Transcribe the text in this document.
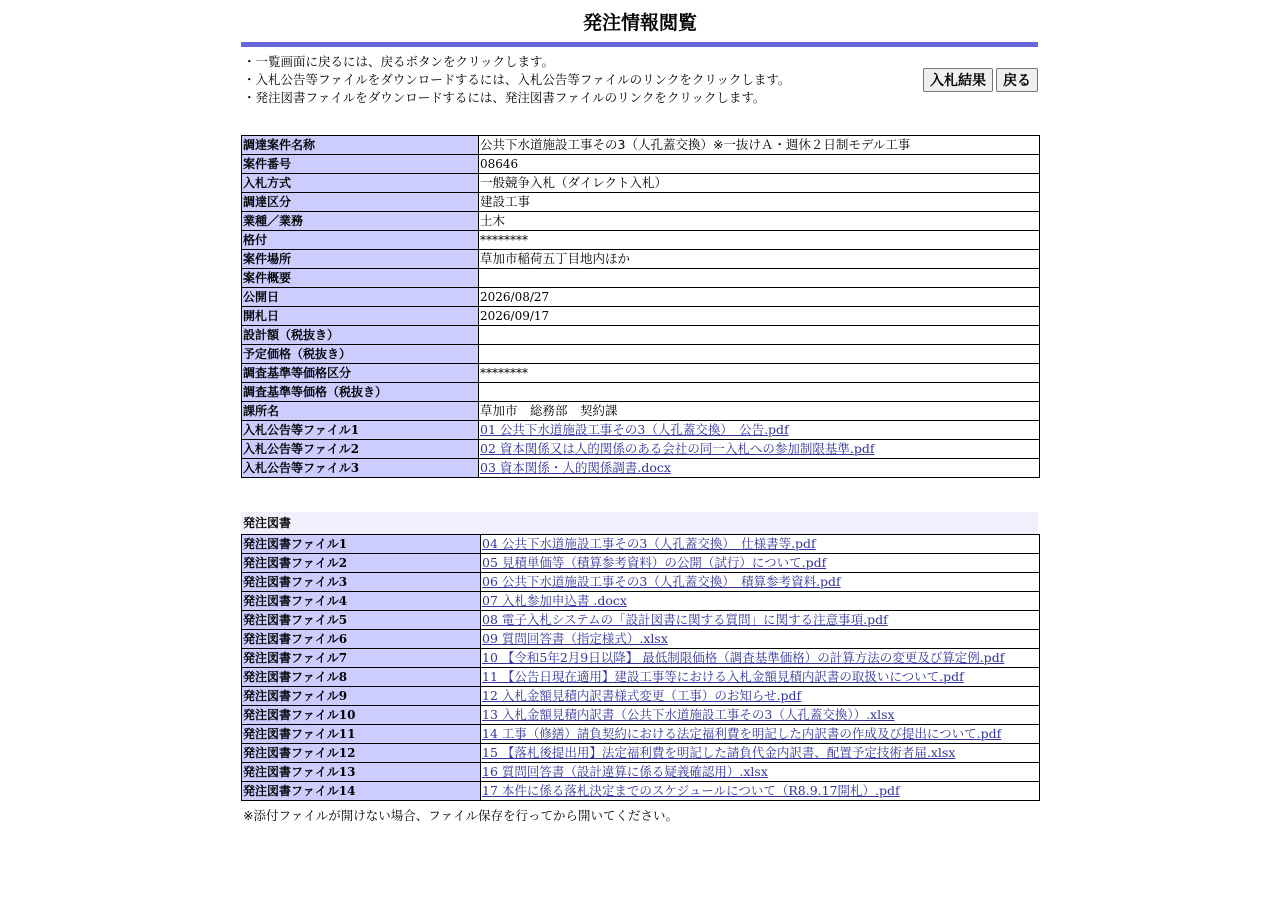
発注情報閲覧
・一覧画面に戻るには、戻るボタンをクリックします。
・入札公告等ファイルをダウンロードするには、入札公告等ファイルのリンクをクリックします。
・発注図書ファイルをダウンロードするには、発注図書ファイルのリンクをクリックします。
入札結果	戻る
調達案件名称	公共下水道施設工事その3（人孔蓋交換）※一抜けＡ・週休２日制モデル工事
案件番号	08646
入札方式	一般競争入札（ダイレクト入札）
調達区分	建設工事
業種／業務	土木
格付	********
案件場所	草加市稲荷五丁目地内ほか
案件概要	
公開日	2026/08/27
開札日	2026/09/17
設計額（税抜き）	
予定価格（税抜き）	
調査基準等価格区分	********
調査基準等価格（税抜き）	
課所名	草加市　総務部　契約課
入札公告等ファイル1	01 公共下水道施設工事その3（人孔蓋交換）　公告.pdf
入札公告等ファイル2	02 資本関係又は人的関係のある会社の同一入札への参加制限基準.pdf
入札公告等ファイル3	03 資本関係・人的関係調書.docx
発注図書
発注図書ファイル1	04 公共下水道施設工事その3（人孔蓋交換）　仕様書等.pdf
発注図書ファイル2	05 見積単価等（積算参考資料）の公開（試行）について.pdf
発注図書ファイル3	06 公共下水道施設工事その3（人孔蓋交換）　積算参考資料.pdf
発注図書ファイル4	07 入札参加申込書 .docx
発注図書ファイル5	08 電子入札システムの「設計図書に関する質問」に関する注意事項.pdf
発注図書ファイル6	09 質問回答書（指定様式）.xlsx
発注図書ファイル7	10 【令和5年2月9日以降】 最低制限価格（調査基準価格）の計算方法の変更及び算定例.pdf
発注図書ファイル8	11 【公告日現在適用】建設工事等における入札金額見積内訳書の取扱いについて.pdf
発注図書ファイル9	12 入札金額見積内訳書様式変更（工事）のお知らせ.pdf
発注図書ファイル10	13 入札金額見積内訳書（公共下水道施設工事その3（人孔蓋交換））.xlsx
発注図書ファイル11	14 工事（修繕）請負契約における法定福利費を明記した内訳書の作成及び提出について.pdf
発注図書ファイル12	15 【落札後提出用】法定福利費を明記した請負代金内訳書、配置予定技術者届.xlsx
発注図書ファイル13	16 質問回答書（設計違算に係る疑義確認用）.xlsx
発注図書ファイル14	17 本件に係る落札決定までのスケジュールについて（R8.9.17開札）.pdf
※添付ファイルが開けない場合、ファイル保存を行ってから開いてください。
